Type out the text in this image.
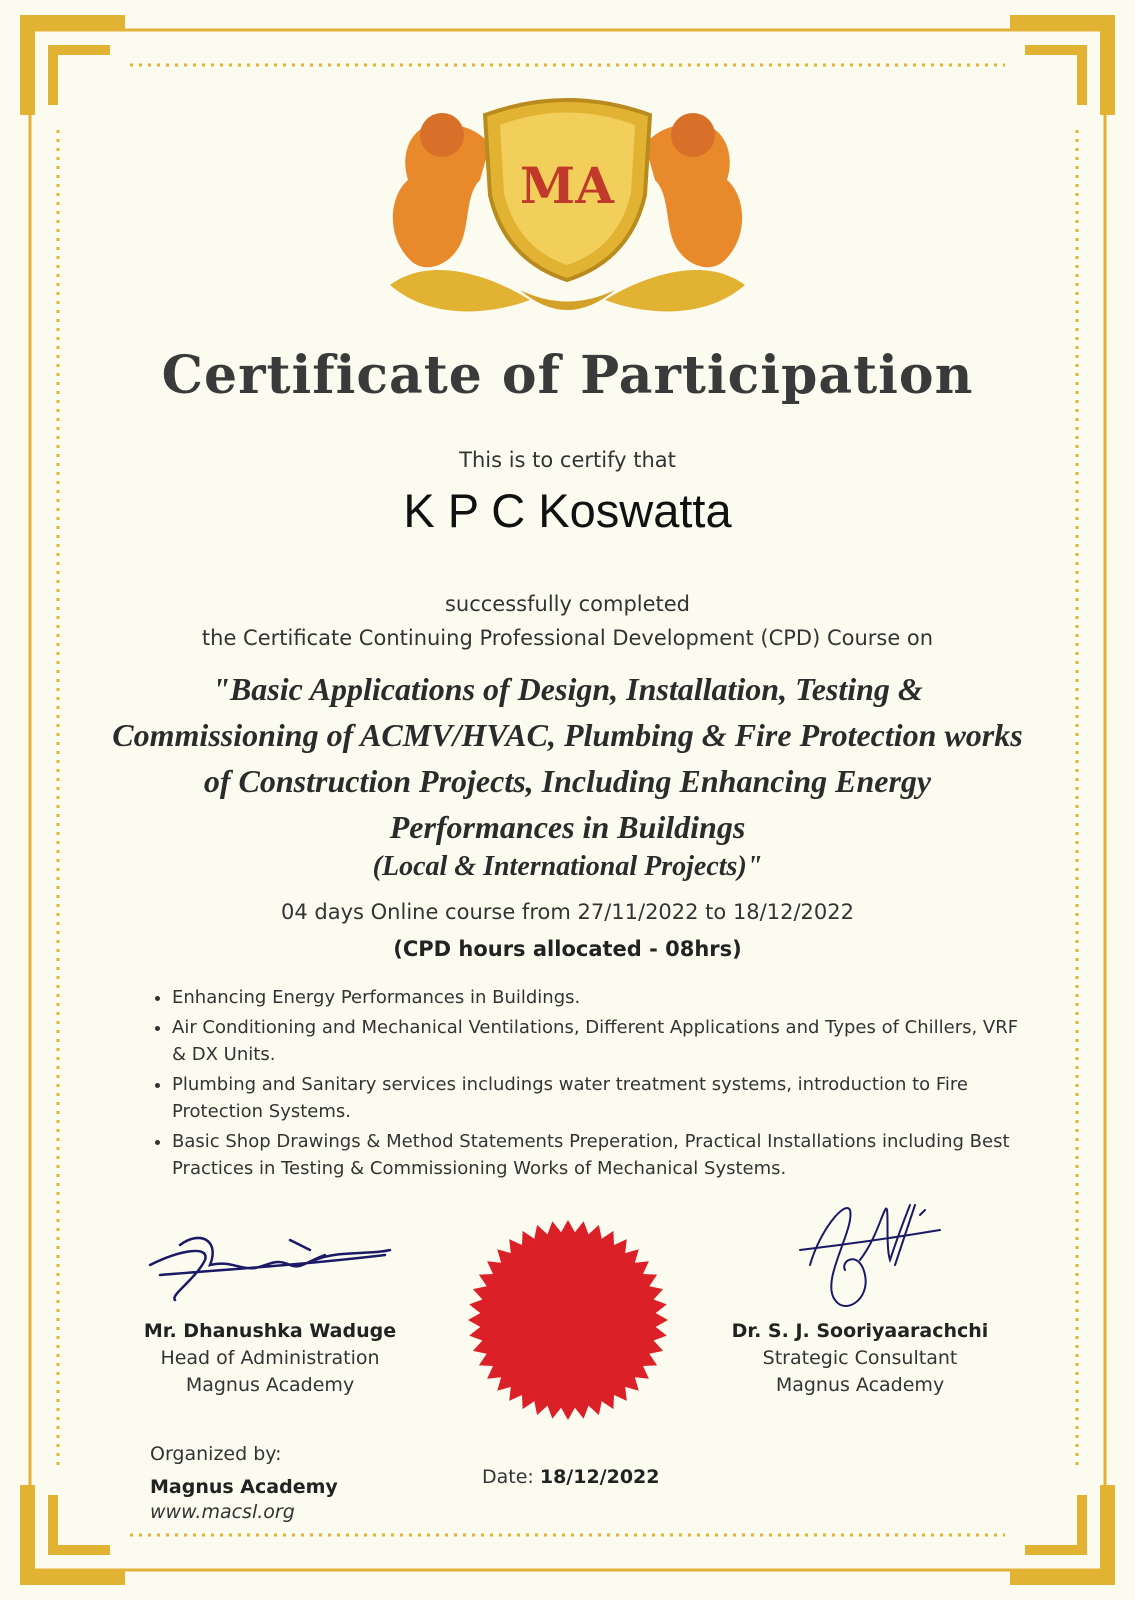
MA
Certificate of Participation
This is to certify that
K P C Koswatta
successfully completed
the Certificate Continuing Professional Development (CPD) Course on
"Basic Applications of Design, Installation, Testing & Commissioning of ACMV/HVAC, Plumbing & Fire Protection works of Construction Projects, Including Enhancing Energy Performances in Buildings
(Local & International Projects)"
04 days Online course from 27/11/2022 to 18/12/2022
(CPD hours allocated - 08hrs)
• Enhancing Energy Performances in Buildings.
• Air Conditioning and Mechanical Ventilations, Different Applications and Types of Chillers, VRF & DX Units.
• Plumbing and Sanitary services includings water treatment systems, introduction to Fire Protection Systems.
• Basic Shop Drawings & Method Statements Preperation, Practical Installations including Best Practices in Testing & Commissioning Works of Mechanical Systems.
Mr. Dhanushka Waduge
Head of Administration
Magnus Academy
Dr. S. J. Sooriyaarachchi
Strategic Consultant
Magnus Academy
Organized by:
Magnus Academy
www.macsl.org
Date: 18/12/2022
